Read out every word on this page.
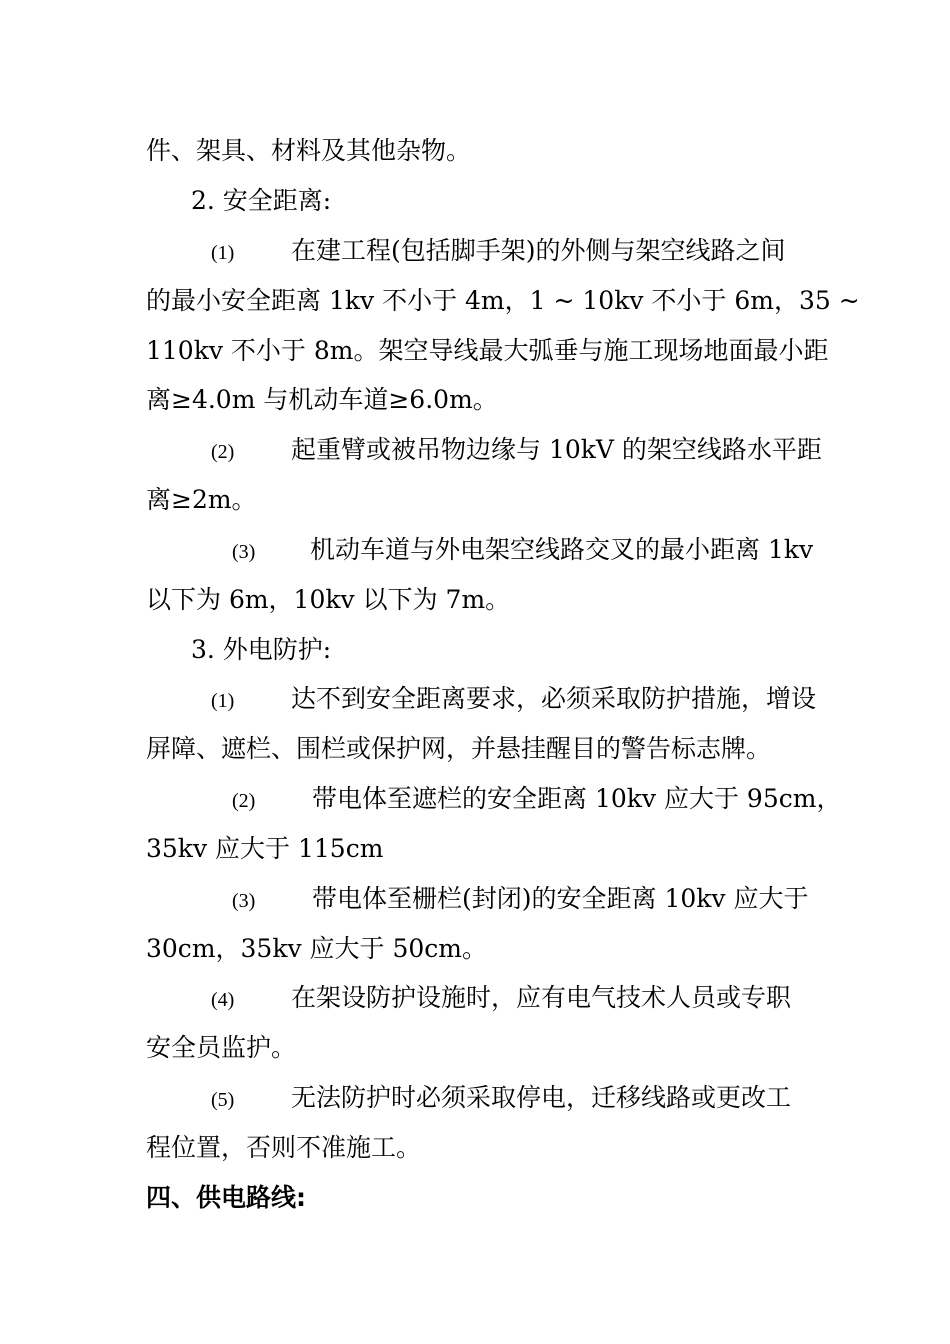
件、架具、材料及其他杂物。
2. 安全距离:
(1) 在建工程(包括脚手架)的外侧与架空线路之间
的最小安全距离 1kv 不小于 4m，1 ~ 10kv 不小于 6m，35 ~
110kv 不小于 8m。架空导线最大弧垂与施工现场地面最小距
离≥4.0m 与机动车道≥6.0m。
(2) 起重臂或被吊物边缘与 10kV 的架空线路水平距
离≥2m。
(3) 机动车道与外电架空线路交叉的最小距离 1kv
以下为 6m，10kv 以下为 7m。
3. 外电防护:
(1) 达不到安全距离要求，必须采取防护措施，增设
屏障、遮栏、围栏或保护网，并悬挂醒目的警告标志牌。
(2) 带电体至遮栏的安全距离 10kv 应大于 95cm，
35kv 应大于 115cm
(3) 带电体至栅栏(封闭)的安全距离 10kv 应大于
30cm，35kv 应大于 50cm。
(4) 在架设防护设施时，应有电气技术人员或专职
安全员监护。
(5) 无法防护时必须采取停电，迁移线路或更改工
程位置，否则不准施工。
四、供电路线:
